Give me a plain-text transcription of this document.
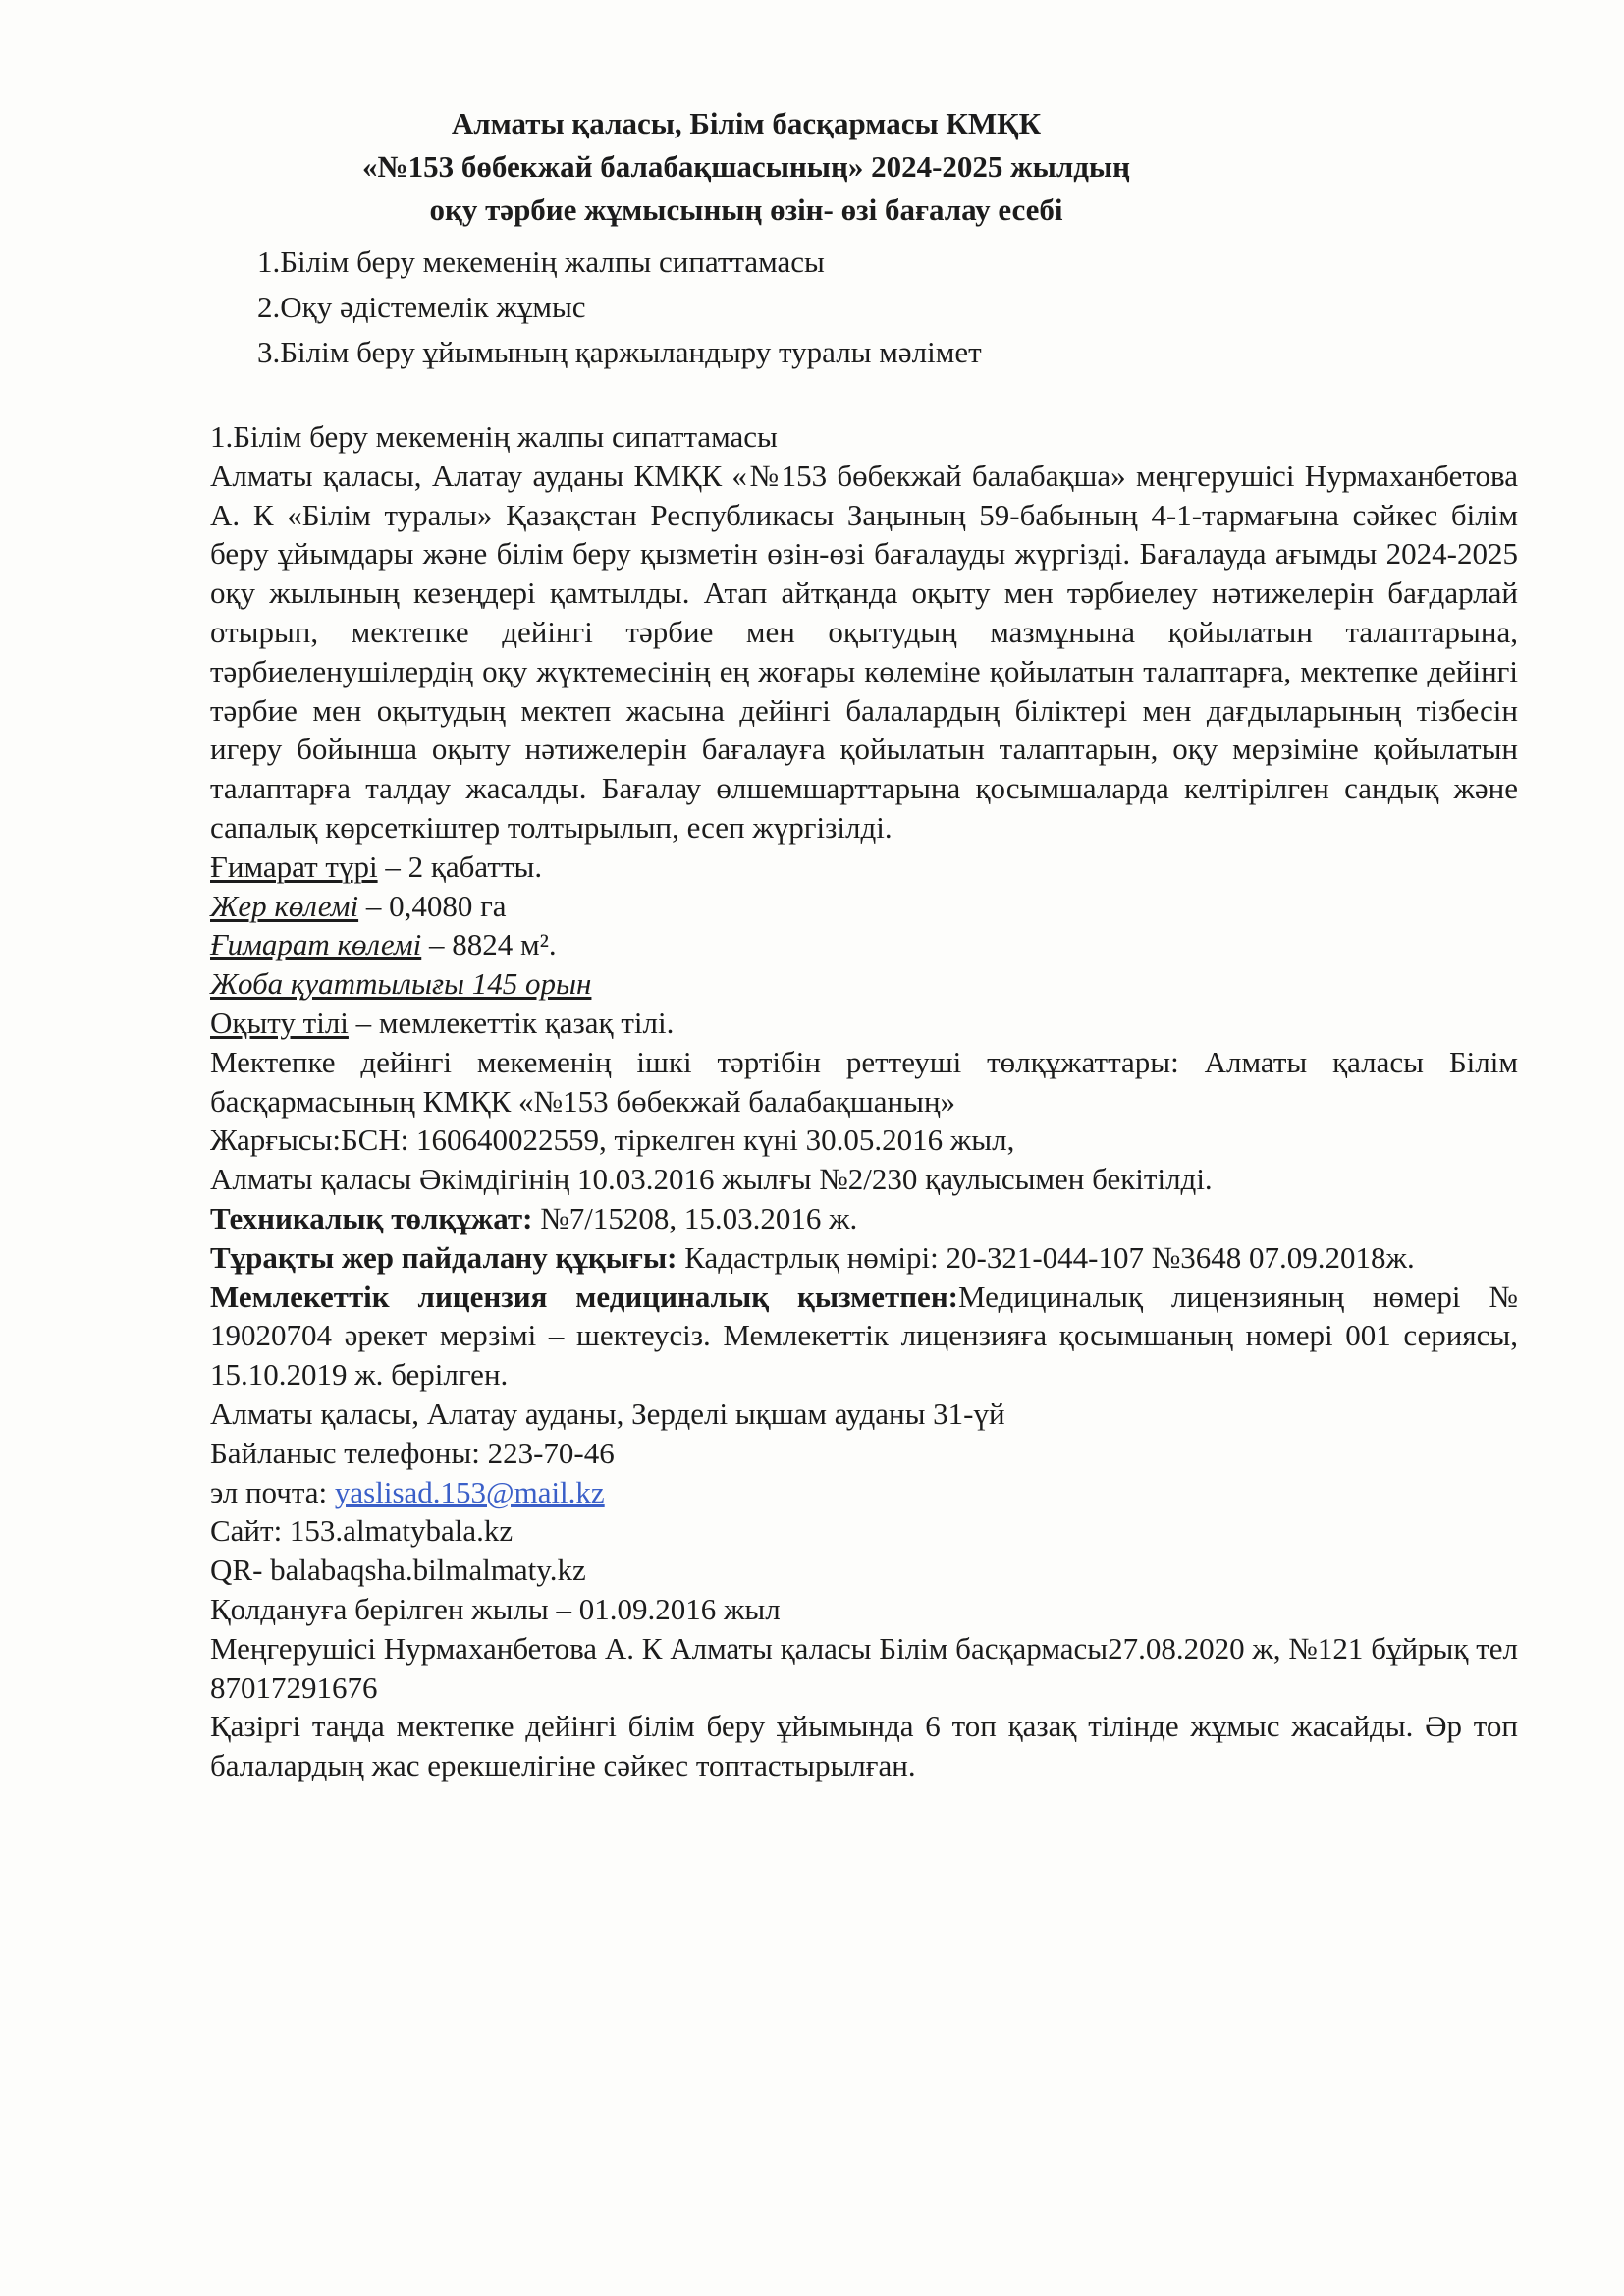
Алматы қаласы, Білім басқармасы КМҚК
«№153 бөбекжай балабақшасының» 2024-2025 жылдың
оқу тәрбие жұмысының өзін- өзі бағалау есебі
1.Білім беру мекеменің жалпы сипаттамасы
2.Оқу әдістемелік жұмыс
3.Білім беру ұйымының қаржыландыру туралы мәлімет

1.Білім беру мекеменің жалпы сипаттамасы

Алматы қаласы, Алатау ауданы КМҚК «№153 бөбекжай балабақша» меңгерушісі Нурмаханбетова А. К «Білім туралы» Қазақстан Республикасы Заңының 59-бабының 4-1-тармағына сәйкес білім беру ұйымдары және білім беру қызметін өзін-өзі бағалауды жүргізді. Бағалауда ағымды 2024-2025 оқу жылының кезеңдері қамтылды. Атап айтқанда оқыту мен тәрбиелеу нәтижелерін бағдарлай отырып, мектепке дейінгі тәрбие мен оқытудың мазмұнына қойылатын талаптарына, тәрбиеленушілердің оқу жүктемесінің ең жоғары көлеміне қойылатын талаптарға, мектепке дейінгі тәрбие мен оқытудың мектеп жасына дейінгі балалардың біліктері мен дағдыларының тізбесін игеру бойынша оқыту нәтижелерін бағалауға қойылатын талаптарын, оқу мерзіміне қойылатын талаптарға талдау жасалды. Бағалау өлшемшарттарына қосымшаларда келтірілген сандық және сапалық көрсеткіштер толтырылып, есеп жүргізілді.

Ғимарат түрі – 2 қабатты.

Жер көлемі – 0,4080 га

Ғимарат көлемі – 8824 м².

Жоба қуаттылығы 145 орын

Оқыту тілі – мемлекеттік қазақ тілі.

Мектепке дейінгі мекеменің ішкі тәртібін реттеуші төлқұжаттары: Алматы қаласы Білім басқармасының КМҚК «№153 бөбекжай балабақшаның»

Жарғысы:БСН: 160640022559, тіркелген күні 30.05.2016 жыл,

Алматы қаласы Әкімдігінің 10.03.2016 жылғы №2/230 қаулысымен бекітілді.

Техникалық төлқұжат: №7/15208, 15.03.2016 ж.

Тұрақты жер пайдалану құқығы: Кадастрлық нөмірі: 20-321-044-107 №3648 07.09.2018ж.

Мемлекеттік лицензия медициналық қызметпен:Медициналық лицензияның нөмері № 19020704 әрекет мерзімі – шектеусіз. Мемлекеттік лицензияға қосымшаның номері 001 сериясы, 15.10.2019 ж. берілген.

Алматы қаласы, Алатау ауданы, Зерделі ықшам ауданы 31-үй

Байланыс телефоны: 223-70-46

эл почта: yaslisad.153@mail.kz

Сайт: 153.almatybala.kz

QR- balabaqsha.bilmalmaty.kz

Қолдануға берілген жылы – 01.09.2016 жыл

Меңгерушісі Нурмаханбетова А. К Алматы қаласы Білім басқармасы27.08.2020 ж, №121 бұйрық тел 87017291676

Қазіргі таңда мектепке дейінгі білім беру ұйымында 6 топ қазақ тілінде жұмыс жасайды. Әр топ балалардың жас ерекшелігіне сәйкес топтастырылған.
